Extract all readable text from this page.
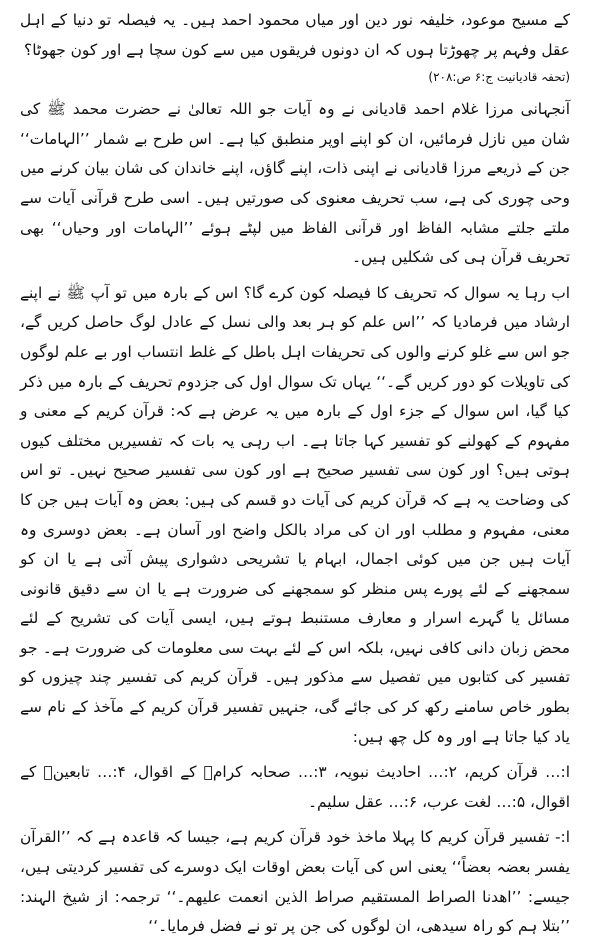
کے مسیح موعود، خلیفہ نور دین اور میاں محمود احمد ہیں۔ یہ فیصلہ تو دنیا کے اہل عقل وفہم پر چھوڑتا ہوں کہ ان دونوں فریقوں میں سے کون سچا ہے اور کون جھوٹا؟
(تحفہ قادیانیت ج:۶ ص:۲۰۸)

آنجہانی مرزا غلام احمد قادیانی نے وہ آیات جو اللہ تعالیٰ نے حضرت محمد ﷺ کی شان میں نازل فرمائیں، ان کو اپنے اوپر منطبق کیا ہے۔ اس طرح بے شمار ’’الہامات‘‘ جن کے ذریعے مرزا قادیانی نے اپنی ذات، اپنے گاؤں، اپنے خاندان کی شان بیان کرنے میں وحی چوری کی ہے، سب تحریف معنوی کی صورتیں ہیں۔ اسی طرح قرآنی آیات سے ملتے جلتے مشابہ الفاظ اور قرآنی الفاظ میں لپٹے ہوئے ’’الہامات اور وحیاں‘‘ بھی تحریف قرآن ہی کی شکلیں ہیں۔

اب رہا یہ سوال کہ تحریف کا فیصلہ کون کرے گا؟ اس کے بارہ میں تو آپ ﷺ نے اپنے ارشاد میں فرمادیا کہ ’’اس علم کو ہر بعد والی نسل کے عادل لوگ حاصل کریں گے، جو اس سے غلو کرنے والوں کی تحریفات اہل باطل کے غلط انتساب اور بے علم لوگوں کی تاویلات کو دور کریں گے۔‘‘ یہاں تک سوال اول کی جزدوم تحریف کے بارہ میں ذکر کیا گیا، اس سوال کے جزء اول کے بارہ میں یہ عرض ہے کہ: قرآن کریم کے معنی و مفہوم کے کھولنے کو تفسیر کہا جاتا ہے۔ اب رہی یہ بات کہ تفسیریں مختلف کیوں ہوتی ہیں؟ اور کون سی تفسیر صحیح ہے اور کون سی تفسیر صحیح نہیں۔ تو اس کی وضاحت یہ ہے کہ قرآن کریم کی آیات دو قسم کی ہیں: بعض وہ آیات ہیں جن کا معنی، مفہوم و مطلب اور ان کی مراد بالکل واضح اور آسان ہے۔ بعض دوسری وہ آیات ہیں جن میں کوئی اجمال، ابہام یا تشریحی دشواری پیش آتی ہے یا ان کو سمجھنے کے لئے پورے پس منظر کو سمجھنے کی ضرورت ہے یا ان سے دقیق قانونی مسائل یا گہرے اسرار و معارف مستنبط ہوتے ہیں، ایسی آیات کی تشریح کے لئے محض زبان دانی کافی نہیں، بلکہ اس کے لئے بہت سی معلومات کی ضرورت ہے۔ جو تفسیر کی کتابوں میں تفصیل سے مذکور ہیں۔ قرآن کریم کی تفسیر چند چیزوں کو بطور خاص سامنے رکھ کر کی جائے گی، جنہیں تفسیر قرآن کریم کے مآخذ کے نام سے یاد کیا جاتا ہے اور وہ کل چھ ہیں:

ا:… قرآن کریم، ۲:… احادیث نبویہ، ۳:… صحابہ کرامؓ کے اقوال، ۴:… تابعینؒ کے اقوال، ۵:… لغت عرب، ۶:… عقل سلیم۔

ا:- تفسیر قرآن کریم کا پہلا ماخذ خود قرآن کریم ہے، جیسا کہ قاعدہ ہے کہ ’’القرآن یفسر بعضہ بعضاً‘‘ یعنی اس کی آیات بعض اوقات ایک دوسرے کی تفسیر کردیتی ہیں، جیسے: ’’اھدنا الصراط المستقیم صراط الذین انعمت علیھم۔‘‘ ترجمہ: از شیخ الہند: ’’بتلا ہم کو راہ سیدھی، ان لوگوں کی جن پر تو نے فضل فرمایا۔‘‘
